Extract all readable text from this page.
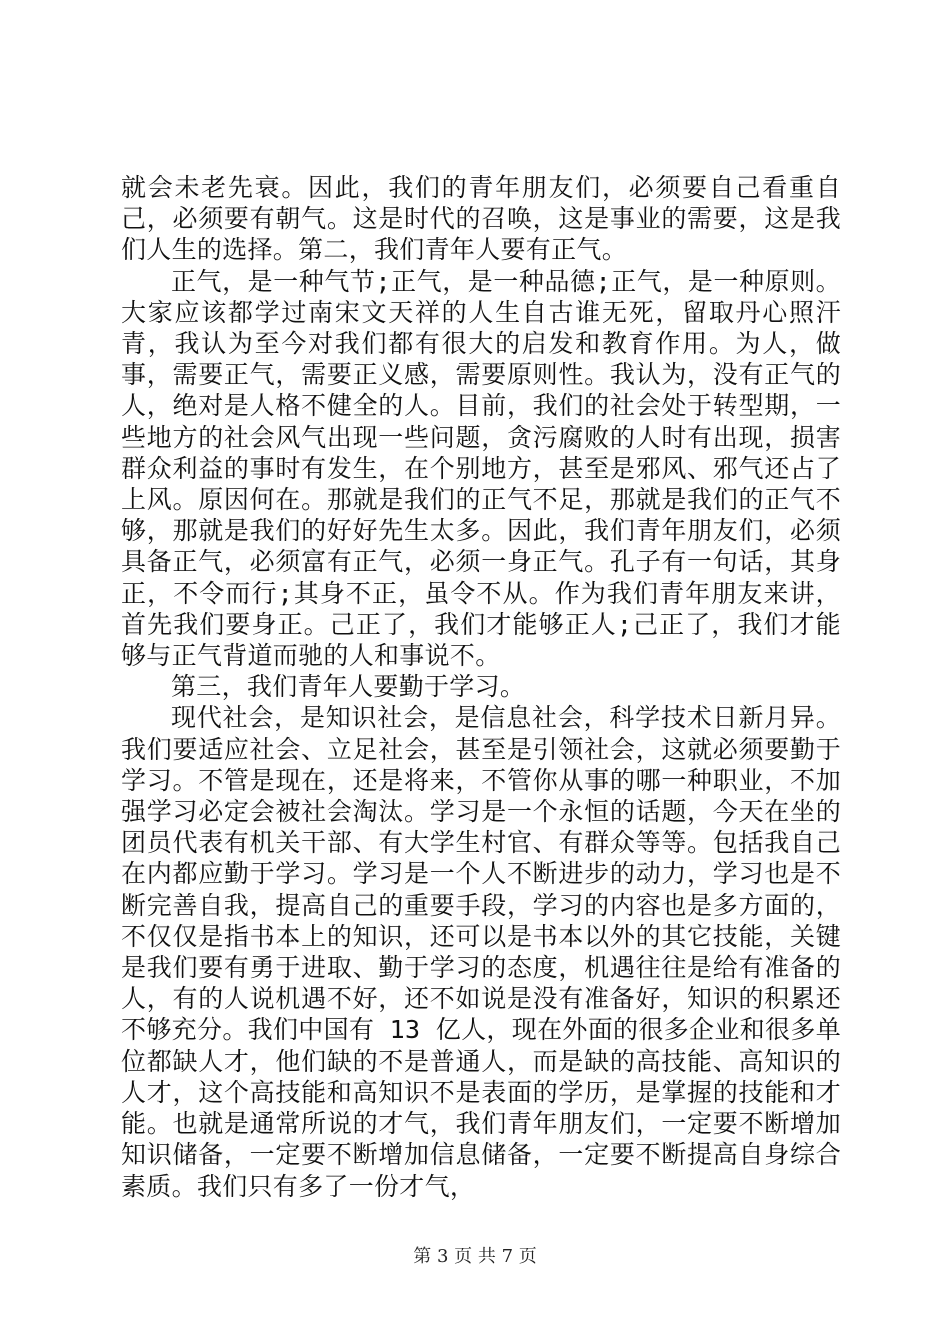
就会未老先衰。因此，我们的青年朋友们，必须要自己看重自己，必须要有朝气。这是时代的召唤，这是事业的需要，这是我们人生的选择。第二，我们青年人要有正气。

正气，是一种气节;正气，是一种品德;正气，是一种原则。大家应该都学过南宋文天祥的人生自古谁无死，留取丹心照汗青，我认为至今对我们都有很大的启发和教育作用。为人，做事，需要正气，需要正义感，需要原则性。我认为，没有正气的人，绝对是人格不健全的人。目前，我们的社会处于转型期，一些地方的社会风气出现一些问题，贪污腐败的人时有出现，损害群众利益的事时有发生，在个别地方，甚至是邪风、邪气还占了上风。原因何在。那就是我们的正气不足，那就是我们的正气不够，那就是我们的好好先生太多。因此，我们青年朋友们，必须具备正气，必须富有正气，必须一身正气。孔子有一句话，其身正，不令而行;其身不正，虽令不从。作为我们青年朋友来讲，首先我们要身正。己正了，我们才能够正人;己正了，我们才能够与正气背道而驰的人和事说不。

第三，我们青年人要勤于学习。

现代社会，是知识社会，是信息社会，科学技术日新月异。我们要适应社会、立足社会，甚至是引领社会，这就必须要勤于学习。不管是现在，还是将来，不管你从事的哪一种职业，不加强学习必定会被社会淘汰。学习是一个永恒的话题，今天在坐的团员代表有机关干部、有大学生村官、有群众等等。包括我自己在内都应勤于学习。学习是一个人不断进步的动力，学习也是不断完善自我，提高自己的重要手段，学习的内容也是多方面的，不仅仅是指书本上的知识，还可以是书本以外的其它技能，关键是我们要有勇于进取、勤于学习的态度，机遇往往是给有准备的人，有的人说机遇不好，还不如说是没有准备好，知识的积累还不够充分。我们中国有 13 亿人，现在外面的很多企业和很多单位都缺人才，他们缺的不是普通人，而是缺的高技能、高知识的人才，这个高技能和高知识不是表面的学历，是掌握的技能和才能。也就是通常所说的才气，我们青年朋友们，一定要不断增加知识储备，一定要不断增加信息储备，一定要不断提高自身综合素质。我们只有多了一份才气，

第 3 页 共 7 页
